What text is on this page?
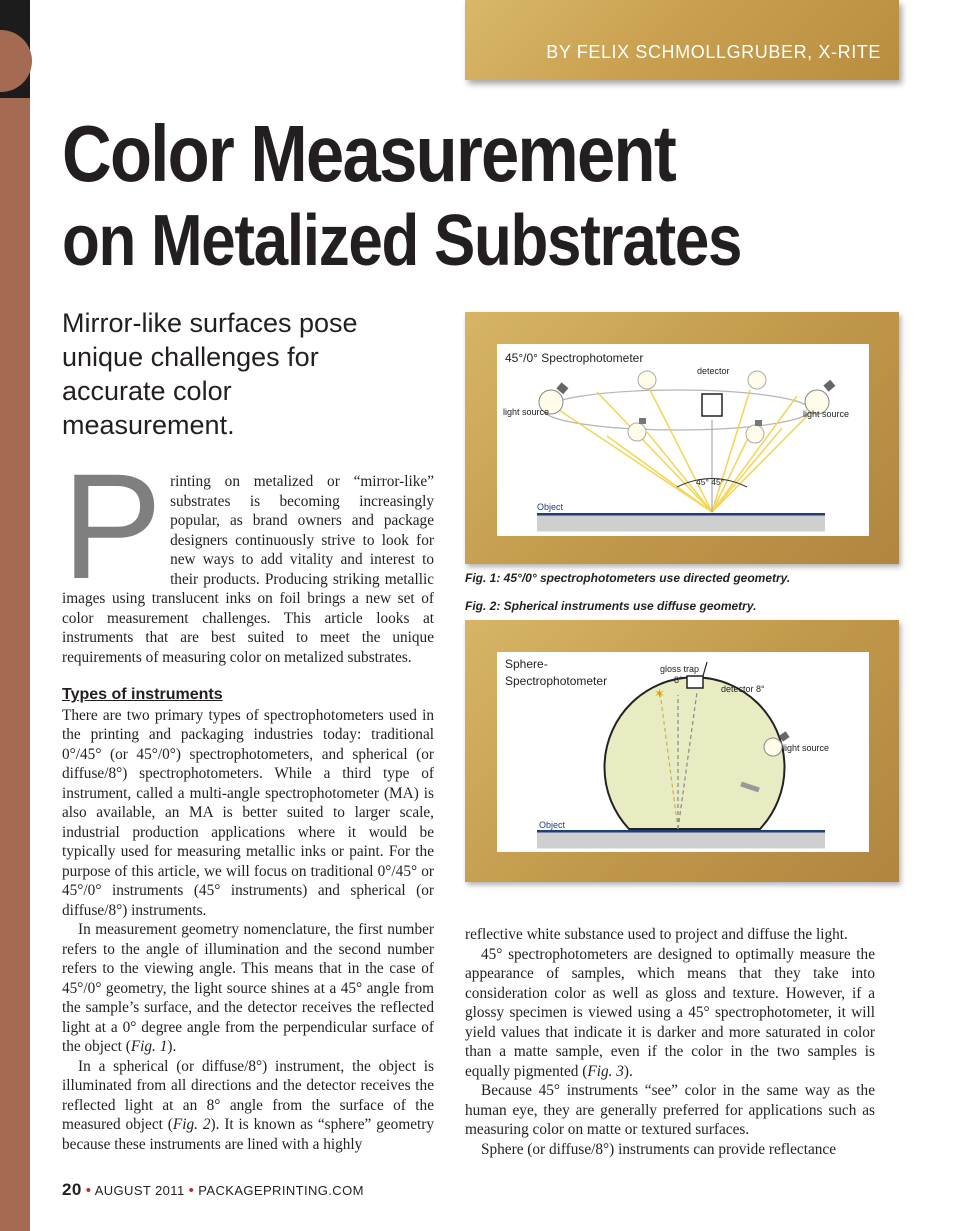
BY FELIX SCHMOLLGRUBER, X-RITE
Color Measurement
on Metalized Substrates
Mirror-like surfaces pose unique challenges for accurate color measurement.

Printing on metalized or “mirror-like” substrates is becoming increasingly popular, as brand owners and package designers continuously strive to look for new ways to add vitality and interest to their products. Producing striking metallic images using translucent inks on foil brings a new set of color measurement challenges. This article looks at instruments that are best suited to meet the unique requirements of measuring color on metalized substrates.

Types of instruments

There are two primary types of spectrophotometers used in the printing and packaging industries today: traditional 0°/45° (or 45°/0°) spectrophotometers, and spherical (or diffuse/8°) spectrophotometers. While a third type of instrument, called a multi-angle spectrophotometer (MA) is also available, an MA is better suited to larger scale, industrial production applications where it would be typically used for measuring metallic inks or paint. For the purpose of this article, we will focus on traditional 0°/45° or 45°/0° instruments (45° instruments) and spherical (or diffuse/8°) instruments.

In measurement geometry nomenclature, the first number refers to the angle of illumination and the second number refers to the viewing angle. This means that in the case of 45°/0° geometry, the light source shines at a 45° angle from the sample’s surface, and the detector receives the reflected light at a 0° degree angle from the perpendicular surface of the object (Fig. 1).

In a spherical (or diffuse/8°) instrument, the object is illuminated from all directions and the detector receives the reflected light at an 8° angle from the surface of the measured object (Fig. 2). It is known as “sphere” geometry because these instruments are lined with a highly

45°/0° Spectrophotometer
45° 45°
detector
light source	light source
Object
Fig. 1: 45°/0° spectrophotometers use directed geometry.
Fig. 2: Spherical instruments use diffuse geometry.
Sphere-
Spectrophotometer
gloss trap
-8°
✶	detector 8°
light source
Object

reflective white substance used to project and diffuse the light.

45° spectrophotometers are designed to optimally measure the appearance of samples, which means that they take into consideration color as well as gloss and texture. However, if a glossy specimen is viewed using a 45° spectrophotometer, it will yield values that indicate it is darker and more saturated in color than a matte sample, even if the color in the two samples is equally pigmented (Fig. 3).

Because 45° instruments “see” color in the same way as the human eye, they are generally preferred for applications such as measuring color on matte or textured surfaces.

Sphere (or diffuse/8°) instruments can provide reflectance

20 • AUGUST 2011 • PACKAGEPRINTING.COM
